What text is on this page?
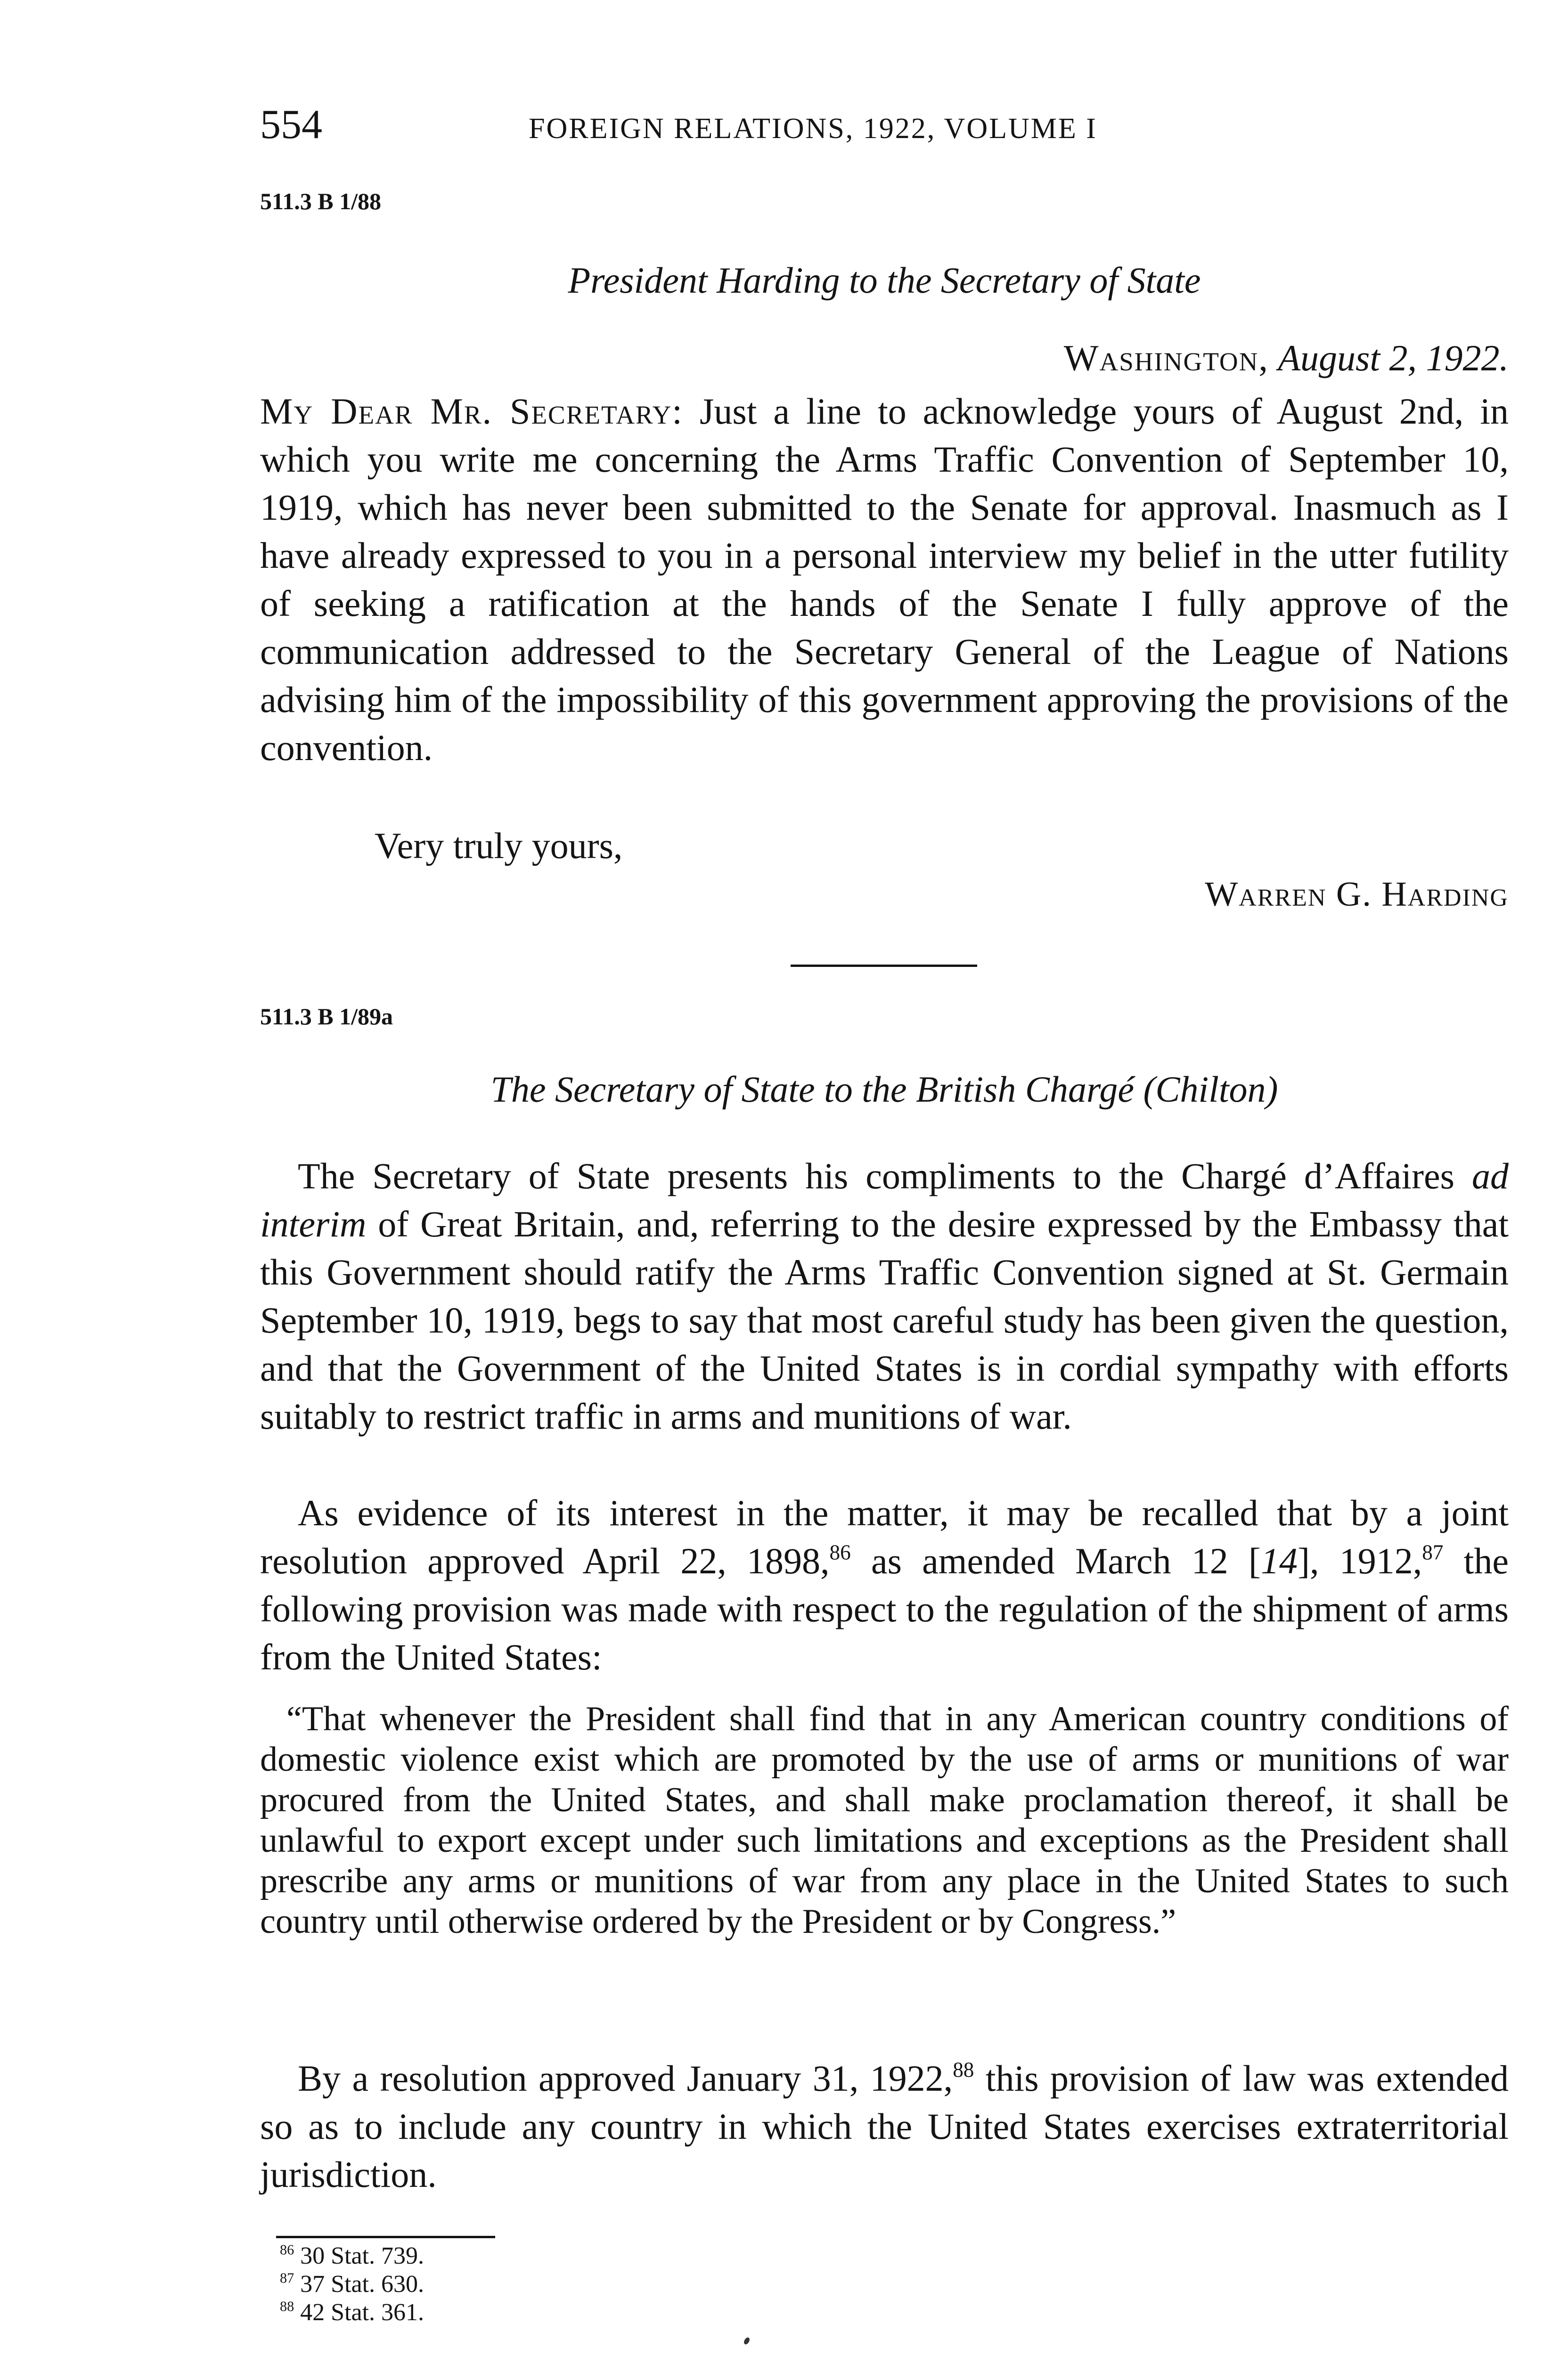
554	FOREIGN RELATIONS, 1922, VOLUME I
511.3 B 1/88
President Harding to the Secretary of State
Washington, August 2, 1922.

My Dear Mr. Secretary: Just a line to acknowledge yours of August 2nd, in which you write me concerning the Arms Traffic Convention of September 10, 1919, which has never been submitted to the Senate for approval. Inasmuch as I have already expressed to you in a personal interview my belief in the utter futility of seeking a ratification at the hands of the Senate I fully approve of the communication addressed to the Secretary General of the League of Nations advising him of the impossibility of this government approving the provisions of the convention.

Very truly yours,
Warren G. Harding
511.3 B 1/89a
The Secretary of State to the British Chargé (Chilton)

The Secretary of State presents his compliments to the Chargé d’Affaires ad interim of Great Britain, and, referring to the desire expressed by the Embassy that this Government should ratify the Arms Traffic Convention signed at St. Germain September 10, 1919, begs to say that most careful study has been given the question, and that the Government of the United States is in cordial sympathy with efforts suitably to restrict traffic in arms and munitions of war.

As evidence of its interest in the matter, it may be recalled that by a joint resolution approved April 22, 1898,86 as amended March 12 [14], 1912,87 the following provision was made with respect to the regulation of the shipment of arms from the United States:

“That whenever the President shall find that in any American country conditions of domestic violence exist which are promoted by the use of arms or munitions of war procured from the United States, and shall make proclamation thereof, it shall be unlawful to export except under such limitations and exceptions as the President shall prescribe any arms or munitions of war from any place in the United States to such country until otherwise ordered by the President or by Congress.”

By a resolution approved January 31, 1922,88 this provision of law was extended so as to include any country in which the United States exercises extraterritorial jurisdiction.

$^{86}$ 30 Stat. 739.
$^{87}$ 37 Stat. 630.
$^{88}$ 42 Stat. 361.
